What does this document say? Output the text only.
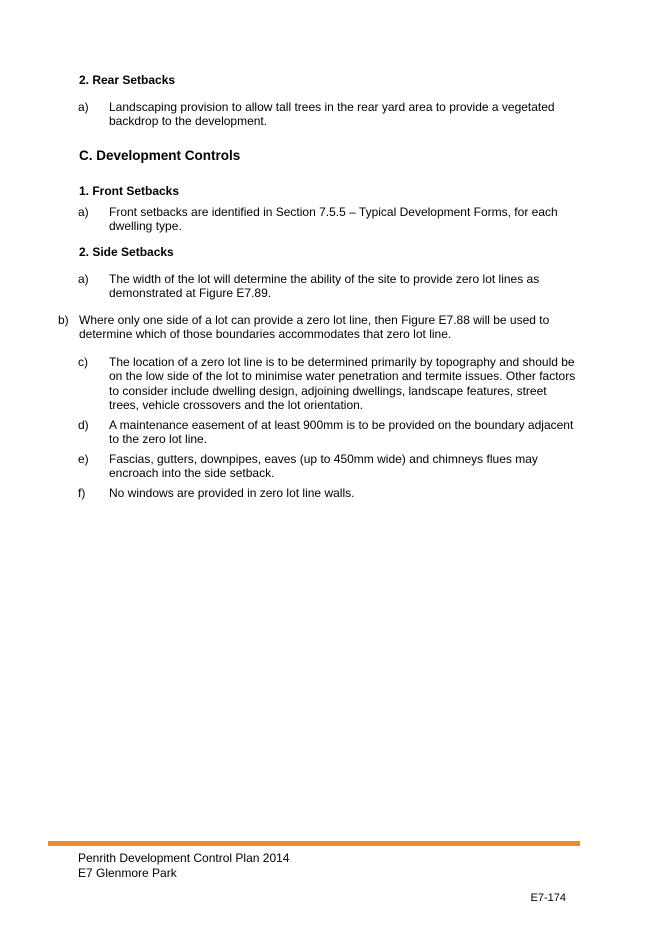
2. Rear Setbacks
a) Landscaping provision to allow tall trees in the rear yard area to provide a vegetated backdrop to the development.
C. Development Controls
1. Front Setbacks
a) Front setbacks are identified in Section 7.5.5 – Typical Development Forms, for each dwelling type.
2. Side Setbacks
a) The width of the lot will determine the ability of the site to provide zero lot lines as demonstrated at Figure E7.89.
b) Where only one side of a lot can provide a zero lot line, then Figure E7.88 will be used to determine which of those boundaries accommodates that zero lot line.
c) The location of a zero lot line is to be determined primarily by topography and should be on the low side of the lot to minimise water penetration and termite issues. Other factors to consider include dwelling design, adjoining dwellings, landscape features, street trees, vehicle crossovers and the lot orientation.
d) A maintenance easement of at least 900mm is to be provided on the boundary adjacent to the zero lot line.
e) Fascias, gutters, downpipes, eaves (up to 450mm wide) and chimneys flues may encroach into the side setback.
f) No windows are provided in zero lot line walls.
Penrith Development Control Plan 2014
E7 Glenmore Park
E7-174
